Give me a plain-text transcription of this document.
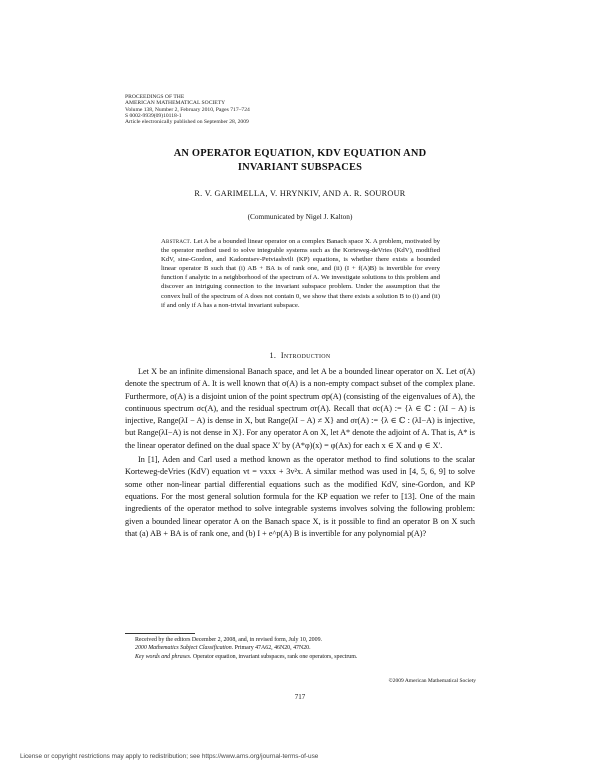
PROCEEDINGS OF THE
AMERICAN MATHEMATICAL SOCIETY
Volume 138, Number 2, February 2010, Pages 717–724
S 0002-9939(09)10118-1
Article electronically published on September 28, 2009
AN OPERATOR EQUATION, KDV EQUATION AND
INVARIANT SUBSPACES
R. V. GARIMELLA, V. HRYNKIV, AND A. R. SOUROUR
(Communicated by Nigel J. Kalton)
Abstract. Let A be a bounded linear operator on a complex Banach space X. A problem, motivated by the operator method used to solve integrable systems such as the Korteweg-deVries (KdV), modified KdV, sine-Gordon, and Kadomtsev-Petviashvili (KP) equations, is whether there exists a bounded linear operator B such that (i) AB + BA is of rank one, and (ii) (I + f(A)B) is invertible for every function f analytic in a neighborhood of the spectrum of A. We investigate solutions to this problem and discover an intriguing connection to the invariant subspace problem. Under the assumption that the convex hull of the spectrum of A does not contain 0, we show that there exists a solution B to (i) and (ii) if and only if A has a non-trivial invariant subspace.
1. Introduction

Let X be an infinite dimensional Banach space, and let A be a bounded linear operator on X. Let σ(A) denote the spectrum of A. It is well known that σ(A) is a non-empty compact subset of the complex plane. Furthermore, σ(A) is a disjoint union of the point spectrum σp(A) (consisting of the eigenvalues of A), the continuous spectrum σc(A), and the residual spectrum σr(A). Recall that σc(A) := {λ ∈ ℂ : (λI − A) is injective, Range(λI − A) is dense in X, but Range(λI − A) ≠ X} and σr(A) := {λ ∈ ℂ : (λI−A) is injective, but Range(λI−A) is not dense in X}. For any operator A on X, let A* denote the adjoint of A. That is, A* is the linear operator defined on the dual space X′ by (A*φ)(x) = φ(Ax) for each x ∈ X and φ ∈ X′.

In [1], Aden and Carl used a method known as the operator method to find solutions to the scalar Korteweg-deVries (KdV) equation vt = vxxx + 3v²x. A similar method was used in [4, 5, 6, 9] to solve some other non-linear partial differential equations such as the modified KdV, sine-Gordon, and KP equations. For the most general solution formula for the KP equation we refer to [13]. One of the main ingredients of the operator method to solve integrable systems involves solving the following problem: given a bounded linear operator A on the Banach space X, is it possible to find an operator B on X such that (a) AB + BA is of rank one, and (b) I + e^p(A) B is invertible for any polynomial p(A)?

Received by the editors December 2, 2008, and, in revised form, July 10, 2009.
2000 Mathematics Subject Classification. Primary 47A62, 46N20, 47N20.
Key words and phrases. Operator equation, invariant subspaces, rank one operators, spectrum.
©2009 American Mathematical Society
717
License or copyright restrictions may apply to redistribution; see https://www.ams.org/journal-terms-of-use
